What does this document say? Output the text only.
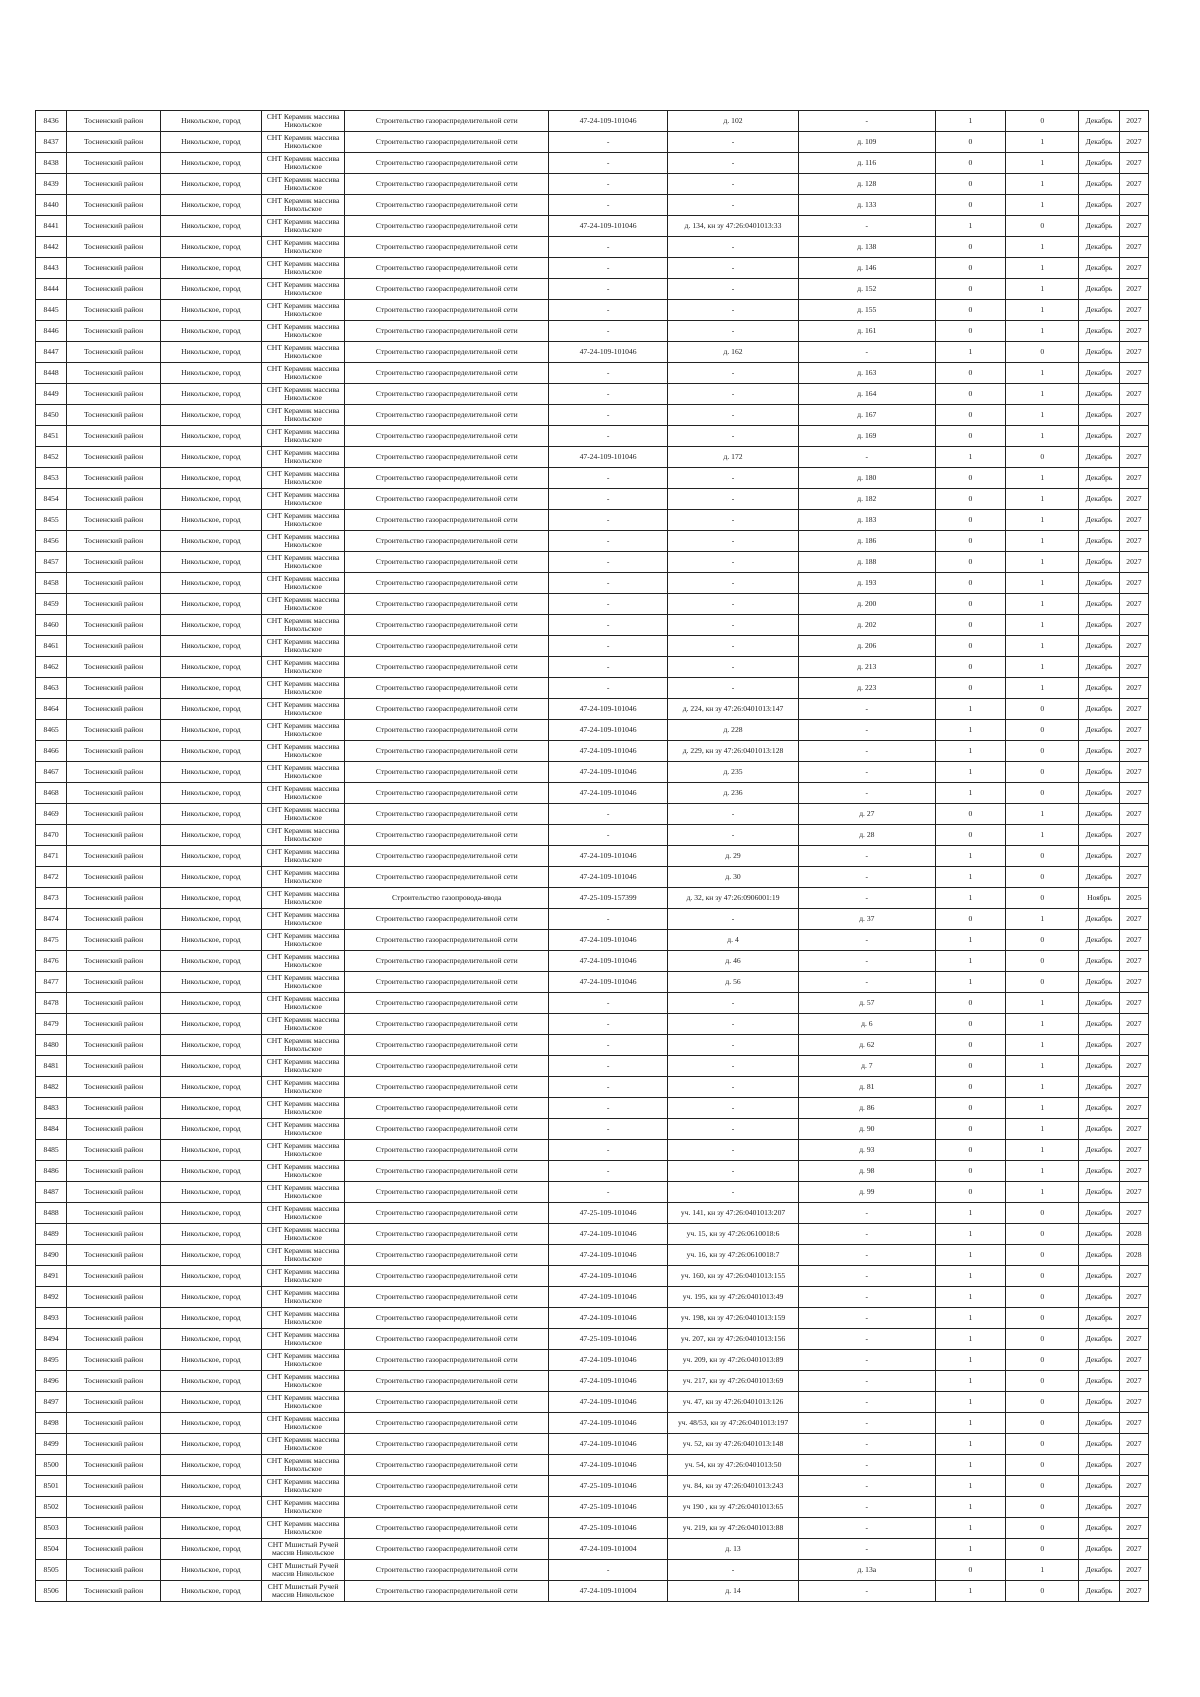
8436	Тосненский район	Никольское, город	СНТ Керамик массива Никольское	Строительство газораспределительной сети	47-24-109-101046	д. 102	-	1	0	Декабрь	2027
8437	Тосненский район	Никольское, город	СНТ Керамик массива Никольское	Строительство газораспределительной сети	-	-	д. 109	0	1	Декабрь	2027
8438	Тосненский район	Никольское, город	СНТ Керамик массива Никольское	Строительство газораспределительной сети	-	-	д. 116	0	1	Декабрь	2027
8439	Тосненский район	Никольское, город	СНТ Керамик массива Никольское	Строительство газораспределительной сети	-	-	д. 128	0	1	Декабрь	2027
8440	Тосненский район	Никольское, город	СНТ Керамик массива Никольское	Строительство газораспределительной сети	-	-	д. 133	0	1	Декабрь	2027
8441	Тосненский район	Никольское, город	СНТ Керамик массива Никольское	Строительство газораспределительной сети	47-24-109-101046	д. 134, кн зу 47:26:0401013:33	-	1	0	Декабрь	2027
8442	Тосненский район	Никольское, город	СНТ Керамик массива Никольское	Строительство газораспределительной сети	-	-	д. 138	0	1	Декабрь	2027
8443	Тосненский район	Никольское, город	СНТ Керамик массива Никольское	Строительство газораспределительной сети	-	-	д. 146	0	1	Декабрь	2027
8444	Тосненский район	Никольское, город	СНТ Керамик массива Никольское	Строительство газораспределительной сети	-	-	д. 152	0	1	Декабрь	2027
8445	Тосненский район	Никольское, город	СНТ Керамик массива Никольское	Строительство газораспределительной сети	-	-	д. 155	0	1	Декабрь	2027
8446	Тосненский район	Никольское, город	СНТ Керамик массива Никольское	Строительство газораспределительной сети	-	-	д. 161	0	1	Декабрь	2027
8447	Тосненский район	Никольское, город	СНТ Керамик массива Никольское	Строительство газораспределительной сети	47-24-109-101046	д. 162	-	1	0	Декабрь	2027
8448	Тосненский район	Никольское, город	СНТ Керамик массива Никольское	Строительство газораспределительной сети	-	-	д. 163	0	1	Декабрь	2027
8449	Тосненский район	Никольское, город	СНТ Керамик массива Никольское	Строительство газораспределительной сети	-	-	д. 164	0	1	Декабрь	2027
8450	Тосненский район	Никольское, город	СНТ Керамик массива Никольское	Строительство газораспределительной сети	-	-	д. 167	0	1	Декабрь	2027
8451	Тосненский район	Никольское, город	СНТ Керамик массива Никольское	Строительство газораспределительной сети	-	-	д. 169	0	1	Декабрь	2027
8452	Тосненский район	Никольское, город	СНТ Керамик массива Никольское	Строительство газораспределительной сети	47-24-109-101046	д. 172	-	1	0	Декабрь	2027
8453	Тосненский район	Никольское, город	СНТ Керамик массива Никольское	Строительство газораспределительной сети	-	-	д. 180	0	1	Декабрь	2027
8454	Тосненский район	Никольское, город	СНТ Керамик массива Никольское	Строительство газораспределительной сети	-	-	д. 182	0	1	Декабрь	2027
8455	Тосненский район	Никольское, город	СНТ Керамик массива Никольское	Строительство газораспределительной сети	-	-	д. 183	0	1	Декабрь	2027
8456	Тосненский район	Никольское, город	СНТ Керамик массива Никольское	Строительство газораспределительной сети	-	-	д. 186	0	1	Декабрь	2027
8457	Тосненский район	Никольское, город	СНТ Керамик массива Никольское	Строительство газораспределительной сети	-	-	д. 188	0	1	Декабрь	2027
8458	Тосненский район	Никольское, город	СНТ Керамик массива Никольское	Строительство газораспределительной сети	-	-	д. 193	0	1	Декабрь	2027
8459	Тосненский район	Никольское, город	СНТ Керамик массива Никольское	Строительство газораспределительной сети	-	-	д. 200	0	1	Декабрь	2027
8460	Тосненский район	Никольское, город	СНТ Керамик массива Никольское	Строительство газораспределительной сети	-	-	д. 202	0	1	Декабрь	2027
8461	Тосненский район	Никольское, город	СНТ Керамик массива Никольское	Строительство газораспределительной сети	-	-	д. 206	0	1	Декабрь	2027
8462	Тосненский район	Никольское, город	СНТ Керамик массива Никольское	Строительство газораспределительной сети	-	-	д. 213	0	1	Декабрь	2027
8463	Тосненский район	Никольское, город	СНТ Керамик массива Никольское	Строительство газораспределительной сети	-	-	д. 223	0	1	Декабрь	2027
8464	Тосненский район	Никольское, город	СНТ Керамик массива Никольское	Строительство газораспределительной сети	47-24-109-101046	д. 224, кн зу 47:26:0401013:147	-	1	0	Декабрь	2027
8465	Тосненский район	Никольское, город	СНТ Керамик массива Никольское	Строительство газораспределительной сети	47-24-109-101046	д. 228	-	1	0	Декабрь	2027
8466	Тосненский район	Никольское, город	СНТ Керамик массива Никольское	Строительство газораспределительной сети	47-24-109-101046	д. 229, кн зу 47:26:0401013:128	-	1	0	Декабрь	2027
8467	Тосненский район	Никольское, город	СНТ Керамик массива Никольское	Строительство газораспределительной сети	47-24-109-101046	д. 235	-	1	0	Декабрь	2027
8468	Тосненский район	Никольское, город	СНТ Керамик массива Никольское	Строительство газораспределительной сети	47-24-109-101046	д. 236	-	1	0	Декабрь	2027
8469	Тосненский район	Никольское, город	СНТ Керамик массива Никольское	Строительство газораспределительной сети	-	-	д. 27	0	1	Декабрь	2027
8470	Тосненский район	Никольское, город	СНТ Керамик массива Никольское	Строительство газораспределительной сети	-	-	д. 28	0	1	Декабрь	2027
8471	Тосненский район	Никольское, город	СНТ Керамик массива Никольское	Строительство газораспределительной сети	47-24-109-101046	д. 29	-	1	0	Декабрь	2027
8472	Тосненский район	Никольское, город	СНТ Керамик массива Никольское	Строительство газораспределительной сети	47-24-109-101046	д. 30	-	1	0	Декабрь	2027
8473	Тосненский район	Никольское, город	СНТ Керамик массива Никольское	Строительство газопровода-ввода	47-25-109-157399	д. 32, кн зу 47:26:0906001:19	-	1	0	Ноябрь	2025
8474	Тосненский район	Никольское, город	СНТ Керамик массива Никольское	Строительство газораспределительной сети	-	-	д. 37	0	1	Декабрь	2027
8475	Тосненский район	Никольское, город	СНТ Керамик массива Никольское	Строительство газораспределительной сети	47-24-109-101046	д. 4	-	1	0	Декабрь	2027
8476	Тосненский район	Никольское, город	СНТ Керамик массива Никольское	Строительство газораспределительной сети	47-24-109-101046	д. 46	-	1	0	Декабрь	2027
8477	Тосненский район	Никольское, город	СНТ Керамик массива Никольское	Строительство газораспределительной сети	47-24-109-101046	д. 56	-	1	0	Декабрь	2027
8478	Тосненский район	Никольское, город	СНТ Керамик массива Никольское	Строительство газораспределительной сети	-	-	д. 57	0	1	Декабрь	2027
8479	Тосненский район	Никольское, город	СНТ Керамик массива Никольское	Строительство газораспределительной сети	-	-	д. 6	0	1	Декабрь	2027
8480	Тосненский район	Никольское, город	СНТ Керамик массива Никольское	Строительство газораспределительной сети	-	-	д. 62	0	1	Декабрь	2027
8481	Тосненский район	Никольское, город	СНТ Керамик массива Никольское	Строительство газораспределительной сети	-	-	д. 7	0	1	Декабрь	2027
8482	Тосненский район	Никольское, город	СНТ Керамик массива Никольское	Строительство газораспределительной сети	-	-	д. 81	0	1	Декабрь	2027
8483	Тосненский район	Никольское, город	СНТ Керамик массива Никольское	Строительство газораспределительной сети	-	-	д. 86	0	1	Декабрь	2027
8484	Тосненский район	Никольское, город	СНТ Керамик массива Никольское	Строительство газораспределительной сети	-	-	д. 90	0	1	Декабрь	2027
8485	Тосненский район	Никольское, город	СНТ Керамик массива Никольское	Строительство газораспределительной сети	-	-	д. 93	0	1	Декабрь	2027
8486	Тосненский район	Никольское, город	СНТ Керамик массива Никольское	Строительство газораспределительной сети	-	-	д. 98	0	1	Декабрь	2027
8487	Тосненский район	Никольское, город	СНТ Керамик массива Никольское	Строительство газораспределительной сети	-	-	д. 99	0	1	Декабрь	2027
8488	Тосненский район	Никольское, город	СНТ Керамик массива Никольское	Строительство газораспределительной сети	47-25-109-101046	уч. 141, кн зу 47:26:0401013:207	-	1	0	Декабрь	2027
8489	Тосненский район	Никольское, город	СНТ Керамик массива Никольское	Строительство газораспределительной сети	47-24-109-101046	уч. 15, кн зу 47:26:0610018:6	-	1	0	Декабрь	2028
8490	Тосненский район	Никольское, город	СНТ Керамик массива Никольское	Строительство газораспределительной сети	47-24-109-101046	уч. 16, кн зу 47:26:0610018:7	-	1	0	Декабрь	2028
8491	Тосненский район	Никольское, город	СНТ Керамик массива Никольское	Строительство газораспределительной сети	47-24-109-101046	уч. 160, кн зу 47:26:0401013:155	-	1	0	Декабрь	2027
8492	Тосненский район	Никольское, город	СНТ Керамик массива Никольское	Строительство газораспределительной сети	47-24-109-101046	уч. 195, кн зу 47:26:0401013:49	-	1	0	Декабрь	2027
8493	Тосненский район	Никольское, город	СНТ Керамик массива Никольское	Строительство газораспределительной сети	47-24-109-101046	уч. 198, кн зу 47:26:0401013:159	-	1	0	Декабрь	2027
8494	Тосненский район	Никольское, город	СНТ Керамик массива Никольское	Строительство газораспределительной сети	47-25-109-101046	уч. 207, кн зу 47:26:0401013:156	-	1	0	Декабрь	2027
8495	Тосненский район	Никольское, город	СНТ Керамик массива Никольское	Строительство газораспределительной сети	47-24-109-101046	уч. 209, кн зу 47:26:0401013:89	-	1	0	Декабрь	2027
8496	Тосненский район	Никольское, город	СНТ Керамик массива Никольское	Строительство газораспределительной сети	47-24-109-101046	уч. 217, кн зу 47:26:0401013:69	-	1	0	Декабрь	2027
8497	Тосненский район	Никольское, город	СНТ Керамик массива Никольское	Строительство газораспределительной сети	47-24-109-101046	уч. 47, кн зу 47:26:0401013:126	-	1	0	Декабрь	2027
8498	Тосненский район	Никольское, город	СНТ Керамик массива Никольское	Строительство газораспределительной сети	47-24-109-101046	уч. 48/53, кн зу 47:26:0401013:197	-	1	0	Декабрь	2027
8499	Тосненский район	Никольское, город	СНТ Керамик массива Никольское	Строительство газораспределительной сети	47-24-109-101046	уч. 52, кн зу 47:26:0401013:148	-	1	0	Декабрь	2027
8500	Тосненский район	Никольское, город	СНТ Керамик массива Никольское	Строительство газораспределительной сети	47-24-109-101046	уч. 54, кн зу 47:26:0401013:50	-	1	0	Декабрь	2027
8501	Тосненский район	Никольское, город	СНТ Керамик массива Никольское	Строительство газораспределительной сети	47-25-109-101046	уч. 84, кн зу 47:26:0401013:243	-	1	0	Декабрь	2027
8502	Тосненский район	Никольское, город	СНТ Керамик массива Никольское	Строительство газораспределительной сети	47-25-109-101046	уч 190 , кн зу 47:26:0401013:65	-	1	0	Декабрь	2027
8503	Тосненский район	Никольское, город	СНТ Керамик массива Никольское	Строительство газораспределительной сети	47-25-109-101046	уч. 219, кн зу 47:26:0401013:88	-	1	0	Декабрь	2027
8504	Тосненский район	Никольское, город	СНТ Мшистый Ручей массив Никольское	Строительство газораспределительной сети	47-24-109-101004	д. 13	-	1	0	Декабрь	2027
8505	Тосненский район	Никольское, город	СНТ Мшистый Ручей массив Никольское	Строительство газораспределительной сети	-	-	д. 13а	0	1	Декабрь	2027
8506	Тосненский район	Никольское, город	СНТ Мшистый Ручей массив Никольское	Строительство газораспределительной сети	47-24-109-101004	д. 14	-	1	0	Декабрь	2027
